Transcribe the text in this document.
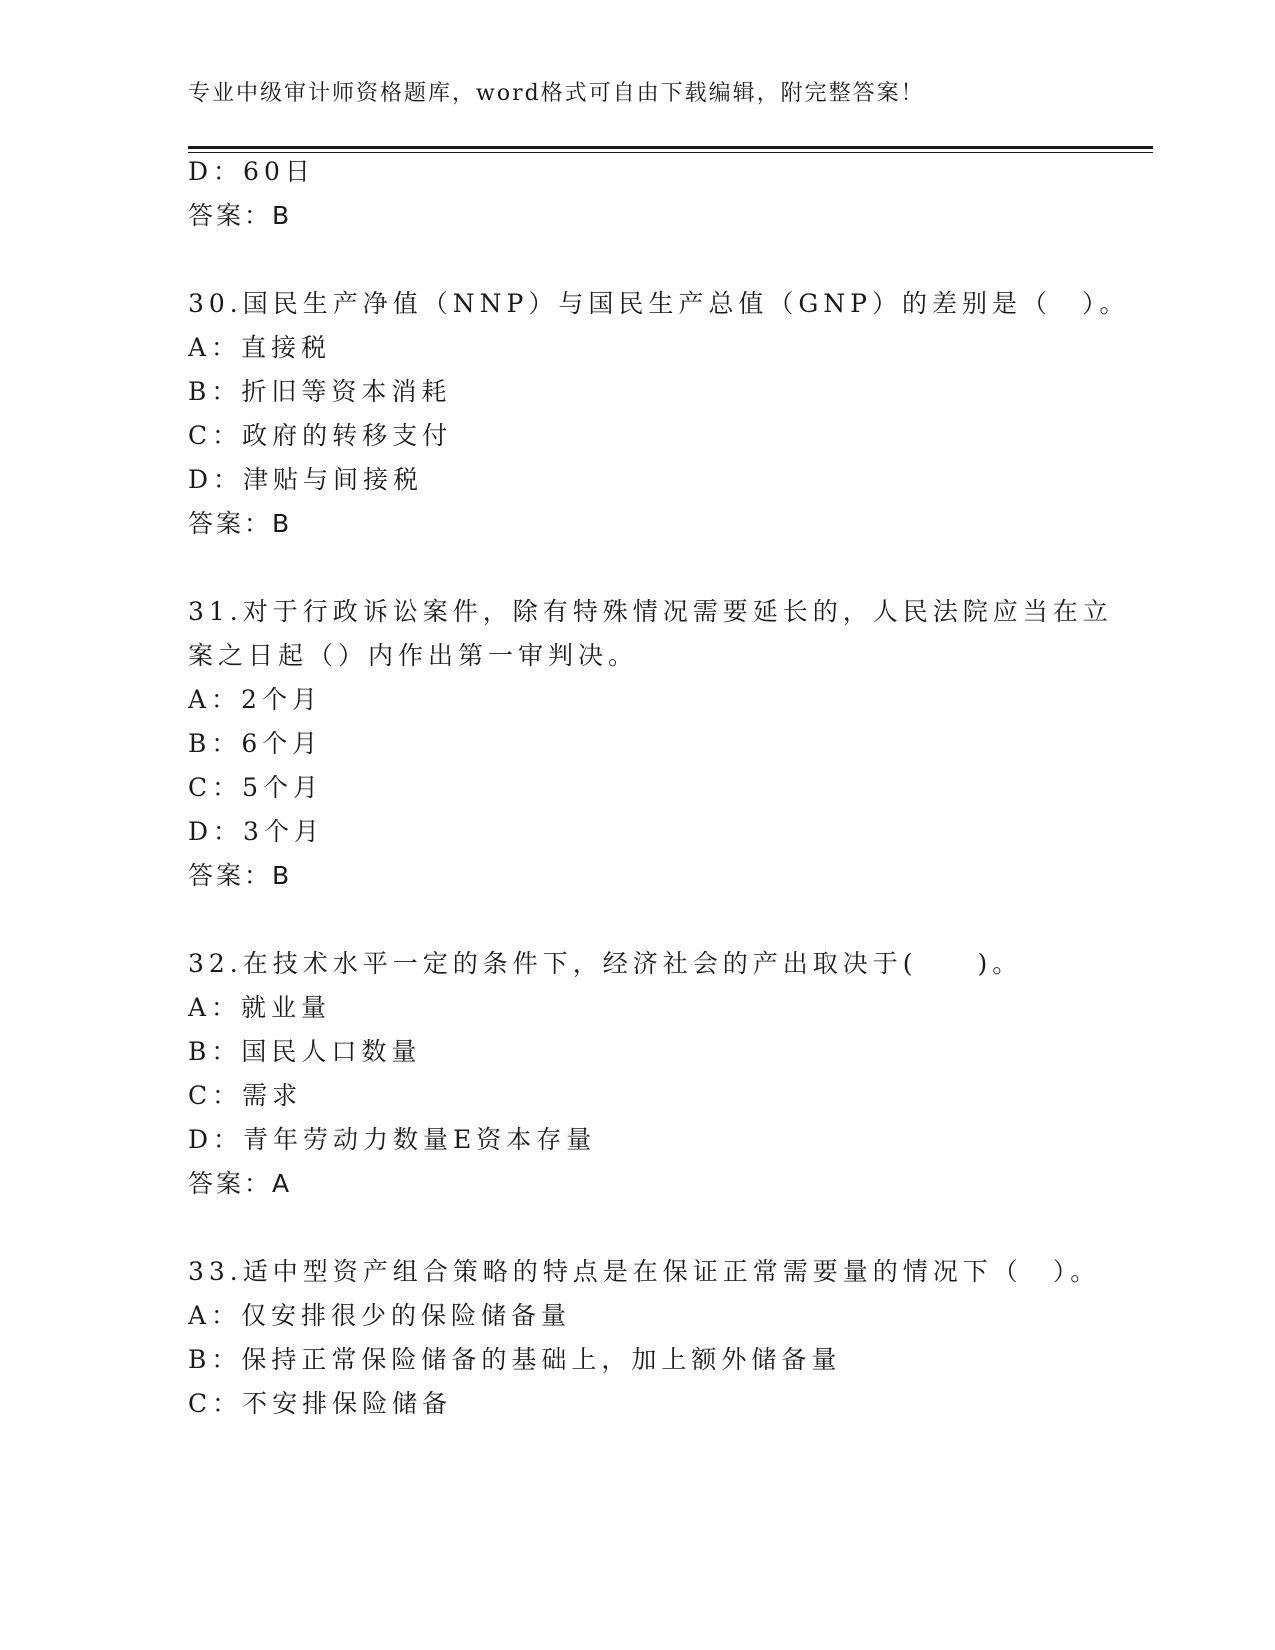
专业中级审计师资格题库，word格式可自由下载编辑，附完整答案！
D：60日
答案：B
30.国民生产净值（NNP）与国民生产总值（GNP）的差别是（　）。
A：直接税
B：折旧等资本消耗
C：政府的转移支付
D：津贴与间接税
答案：B
31.对于行政诉讼案件，除有特殊情况需要延长的，人民法院应当在立
案之日起（）内作出第一审判决。
A：2个月
B：6个月
C：5个月
D：3个月
答案：B
32.在技术水平一定的条件下，经济社会的产出取决于(　　)。
A：就业量
B：国民人口数量
C：需求
D：青年劳动力数量E资本存量
答案：A
33.适中型资产组合策略的特点是在保证正常需要量的情况下（　）。
A：仅安排很少的保险储备量
B：保持正常保险储备的基础上，加上额外储备量
C：不安排保险储备
